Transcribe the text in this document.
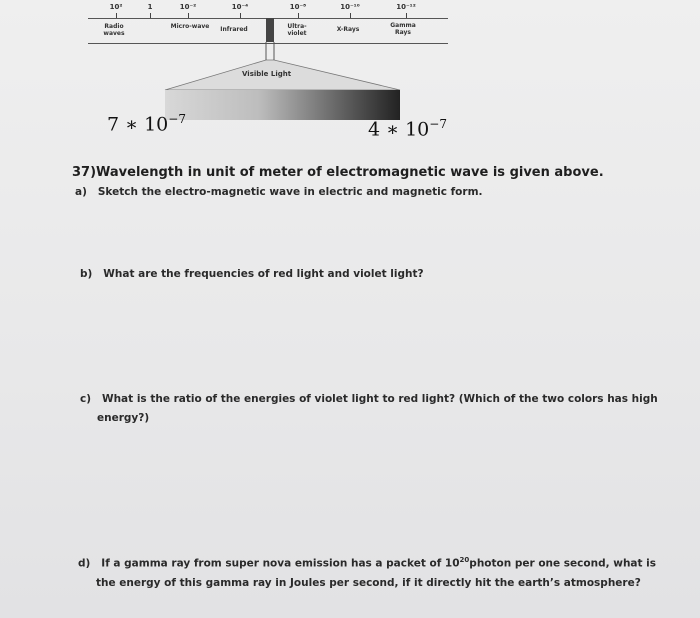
10²	1	10⁻²	10⁻⁴	10⁻⁸	10⁻¹⁰	10⁻¹²
Radio waves
Micro-wave	Infrared	Ultra-violet
X-Rays
Gamma Rays
Visible Light
7 ∗ $10^{-7}$	4 ∗ $10^{-7}$
37)Wavelength in unit of meter of electromagnetic wave is given above.
a) Sketch the electro-magnetic wave in electric and magnetic form.
b) What are the frequencies of red light and violet light?
c) What is the ratio of the energies of violet light to red light? (Which of the two colors has high
energy?)
d) If a gamma ray from super nova emission has a packet of $10^{20}photon$ per one second, what is
the energy of this gamma ray in Joules per second, if it directly hit the earth’s atmosphere?
